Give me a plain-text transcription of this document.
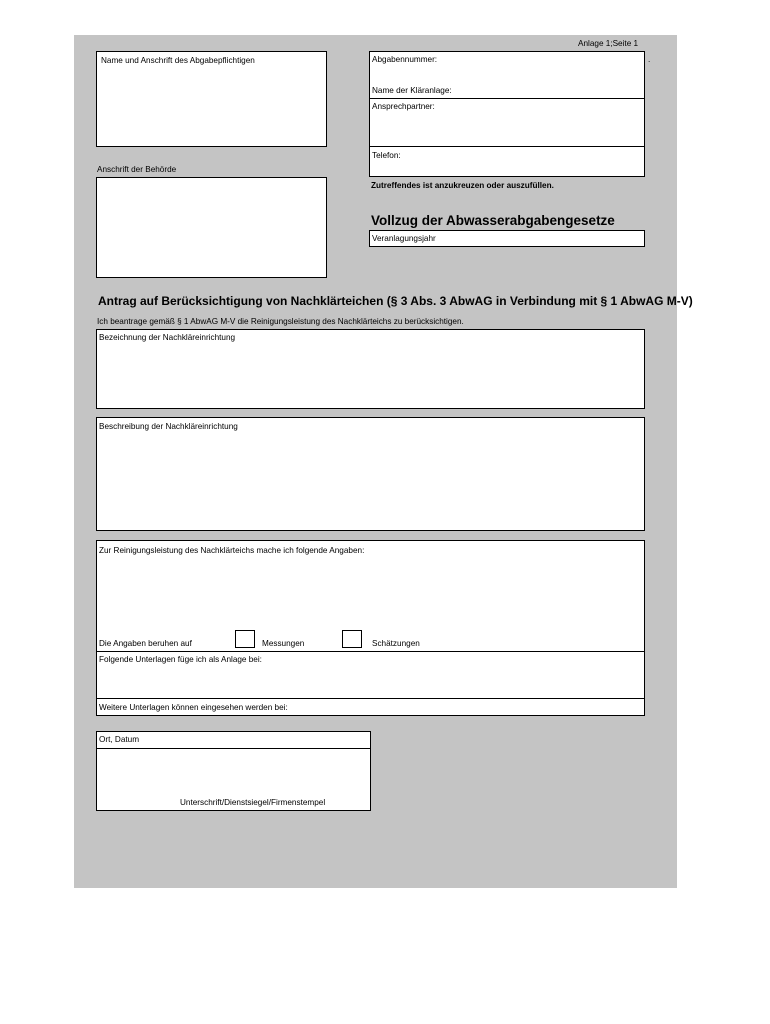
Anlage 1;Seite 1
.
Name und Anschrift des Abgabepflichtigen
Anschrift der Behörde
Abgabennummer:
Name der Kläranlage:
Ansprechpartner:
Telefon:
Zutreffendes ist anzukreuzen oder auszufüllen.
Vollzug der Abwasserabgabengesetze
Veranlagungsjahr
Antrag auf Berücksichtigung von Nachklärteichen (§ 3 Abs. 3 AbwAG in Verbindung mit § 1 AbwAG M-V)
Ich beantrage gemäß § 1 AbwAG M-V die Reinigungsleistung des Nachklärteichs zu berücksichtigen.
Bezeichnung der Nachkläreinrichtung
Beschreibung der Nachkläreinrichtung
Zur Reinigungsleistung des Nachklärteichs mache ich folgende Angaben:
Die Angaben beruhen auf	Messungen	Schätzungen
Folgende Unterlagen füge ich als Anlage bei:
Weitere Unterlagen können eingesehen werden bei:
Ort, Datum
Unterschrift/Dienstsiegel/Firmenstempel
